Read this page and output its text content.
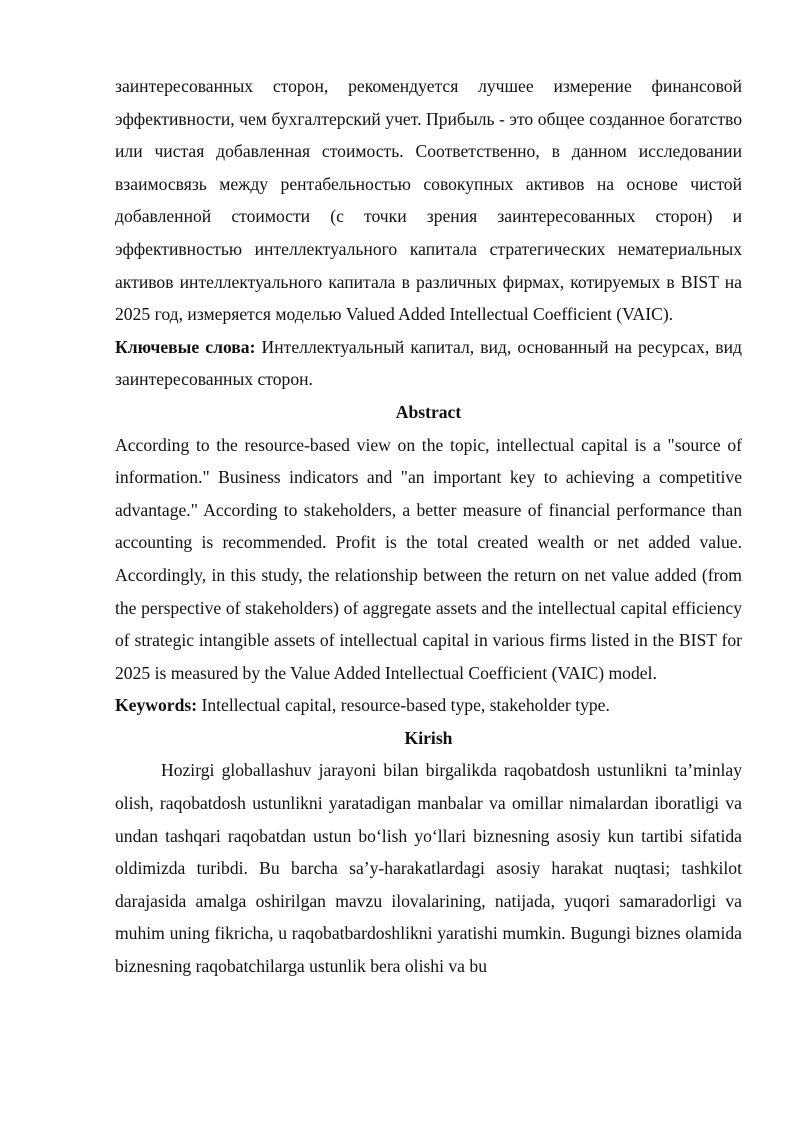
заинтересованных сторон, рекомендуется лучшее измерение финансовой эффективности, чем бухгалтерский учет. Прибыль - это общее созданное богатство или чистая добавленная стоимость. Соответственно, в данном исследовании взаимосвязь между рентабельностью совокупных активов на основе чистой добавленной стоимости (с точки зрения заинтересованных сторон) и эффективностью интеллектуального капитала стратегических нематериальных активов интеллектуального капитала в различных фирмах, котируемых в BIST на 2025 год, измеряется моделью Valued Added Intellectual Coefficient (VAIC).

Ключевые слова: Интеллектуальный капитал, вид, основанный на ресурсах, вид заинтересованных сторон.

Abstract

According to the resource-based view on the topic, intellectual capital is a "source of information." Business indicators and "an important key to achieving a competitive advantage." According to stakeholders, a better measure of financial performance than accounting is recommended. Profit is the total created wealth or net added value. Accordingly, in this study, the relationship between the return on net value added (from the perspective of stakeholders) of aggregate assets and the intellectual capital efficiency of strategic intangible assets of intellectual capital in various firms listed in the BIST for 2025 is measured by the Value Added Intellectual Coefficient (VAIC) model.

Keywords: Intellectual capital, resource-based type, stakeholder type.

Kirish

Hozirgi globallashuv jarayoni bilan birgalikda raqobatdosh ustunlikni ta’minlay olish, raqobatdosh ustunlikni yaratadigan manbalar va omillar nimalardan iboratligi va undan tashqari raqobatdan ustun bo‘lish yo‘llari biznesning asosiy kun tartibi sifatida oldimizda turibdi. Bu barcha sa’y-harakatlardagi asosiy harakat nuqtasi; tashkilot darajasida amalga oshirilgan mavzu ilovalarining, natijada, yuqori samaradorligi va muhim uning fikricha, u raqobatbardoshlikni yaratishi mumkin. Bugungi biznes olamida biznesning raqobatchilarga ustunlik bera olishi va bu
